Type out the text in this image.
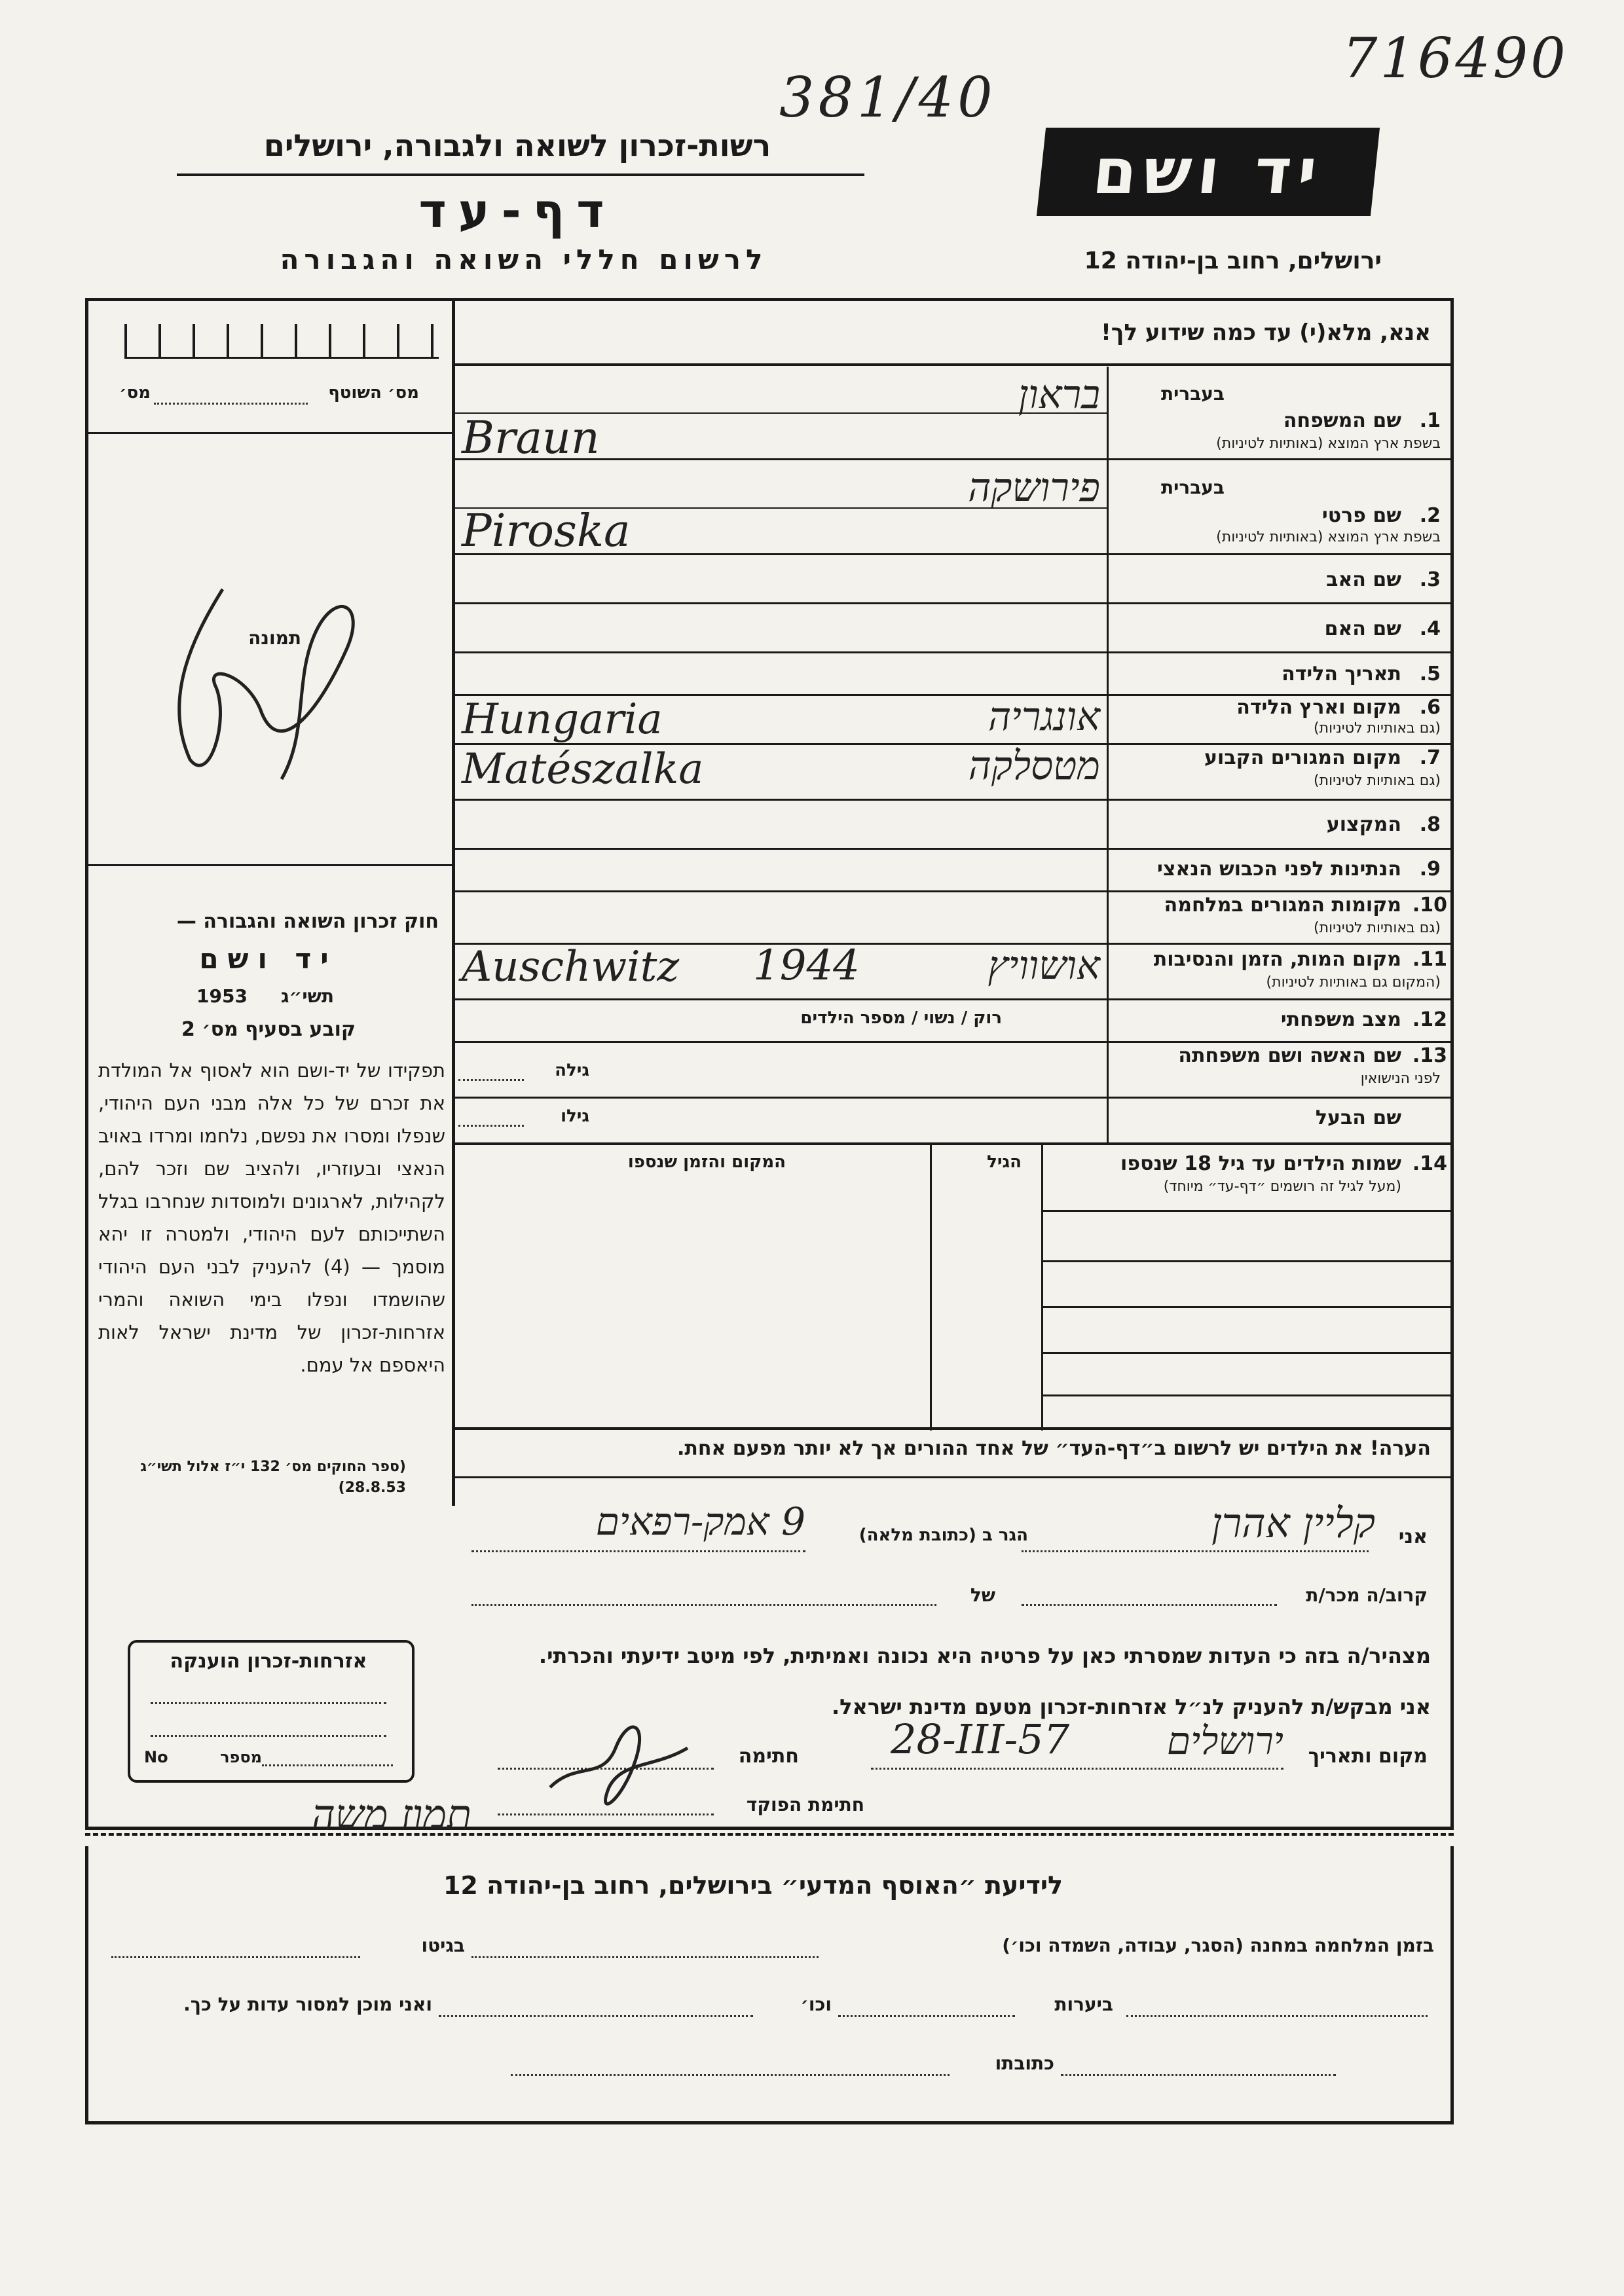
716490
381/40
רשות-זכרון לשואה ולגבורה, ירושלים
דף-עד
לרשום חללי השואה והגבורה
יד ושם
ירושלים, רחוב בן-יהודה 12
אנא, מלא(י) עד כמה שידוע לך!
מס׳ השוטף
מס׳
תמונה
1.
שם המשפחה
בשפת ארץ המוצא (באותיות לטיניות)
בעברית
בראון
Braun
2.
שם פרטי
בשפת ארץ המוצא (באותיות לטיניות)
בעברית
פירושקה
Piroska
3.
שם האב
4.
שם האם
5.
תאריך הלידה
6.
מקום וארץ הלידה
(גם באותיות לטיניות)
אונגריה
Hungaria
7.
מקום המגורים הקבוע
(גם באותיות לטיניות)
מטסלקה
Matészalka
8.
המקצוע
9.
הנתינות לפני הכבוש הנאצי
10.
מקומות המגורים במלחמה
(גם באותיות לטיניות)
11.
מקום המות, הזמן והנסיבות
(המקום גם באותיות לטיניות)
אושוויץ
1944
Auschwitz
12.
מצב משפחתי
רוק / נשוי / מספר הילדים
13.
שם האשה ושם משפחתה
לפני הנישואין
גילה
שם הבעל
גילו
14.
שמות הילדים עד גיל 18 שנספו
(מעל לגיל זה רושמים ״דף-עד״ מיוחד)
הגיל
המקום והזמן שנספו
הערה! את הילדים יש לרשום ב״דף-העד״ של אחד ההורים אך לא יותר מפעם אחת.
חוק זכרון השואה והגבורה —
יד ושם
תשי״ג
1953
קובע בסעיף מס׳ 2
תפקידו של יד-ושם הוא לאסוף אל המולדת את זכרם של כל אלה מבני העם היהודי, שנפלו ומסרו את נפשם, נלחמו ומרדו באויב הנאצי ובעוזריו, ולהציב שם וזכר להם, לקהילות, לארגונים ולמוסדות שנחרבו בגלל השתייכותם לעם היהודי, ולמטרה זו יהא מוסמך — (4) להעניק לבני העם היהודי שהושמדו ונפלו בימי השואה והמרי אזרחות-זכרון של מדינת ישראל לאות היאספם אל עמם.
(ספר החוקים מס׳ 132 י״ז אלול תשי״ג 28.8.53)
אני
קליין אהרן
הגר ב (כתובת מלאה)
9 אמק-רפאים
קרוב/ה מכר/ת
של
מצהיר/ה בזה כי העדות שמסרתי כאן על פרטיה היא נכונה ואמיתית, לפי מיטב ידיעתי והכרתי.
אני מבקש/ת להעניק לנ״ל אזרחות-זכרון מטעם מדינת ישראל.
מקום ותאריך
ירושלים
28-III-57
חתימה
חתימת הפוקד
אזרחות-זכרון הוענקה
מספר
No
תמוז משה
לידיעת ״האוסף המדעי״ בירושלים, רחוב בן-יהודה 12
בזמן המלחמה במחנה (הסגר, עבודה, השמדה וכו׳)
בגיטו
ביערות
וכו׳
ואני מוכן למסור עדות על כך.
כתובתו
